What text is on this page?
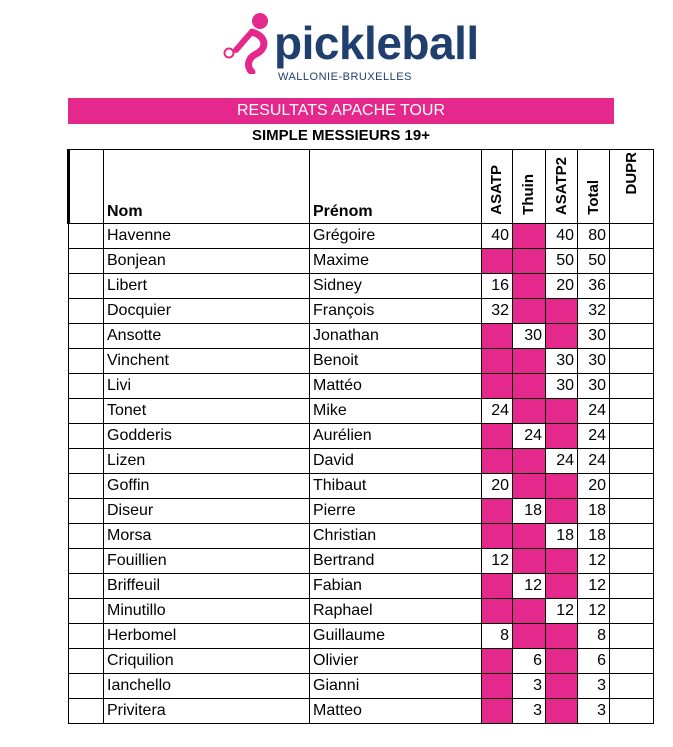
pickleball
WALLONIE-BRUXELLES
RESULTATS APACHE TOUR
SIMPLE MESSIEURS 19+

	Nom	Prénom	ASATP	Thuin	ASATP2	Total	DUPR
	Havenne	Grégoire	40		40	80	
	Bonjean	Maxime			50	50	
	Libert	Sidney	16		20	36	
	Docquier	François	32			32	
	Ansotte	Jonathan		30		30	
	Vinchent	Benoit			30	30	
	Livi	Mattéo			30	30	
	Tonet	Mike	24			24	
	Godderis	Aurélien		24		24	
	Lizen	David			24	24	
	Goffin	Thibaut	20			20	
	Diseur	Pierre		18		18	
	Morsa	Christian			18	18	
	Fouillien	Bertrand	12			12	
	Briffeuil	Fabian		12		12	
	Minutillo	Raphael			12	12	
	Herbomel	Guillaume	8			8	
	Criquilion	Olivier		6		6	
	Ianchello	Gianni		3		3	
	Privitera	Matteo		3		3	
